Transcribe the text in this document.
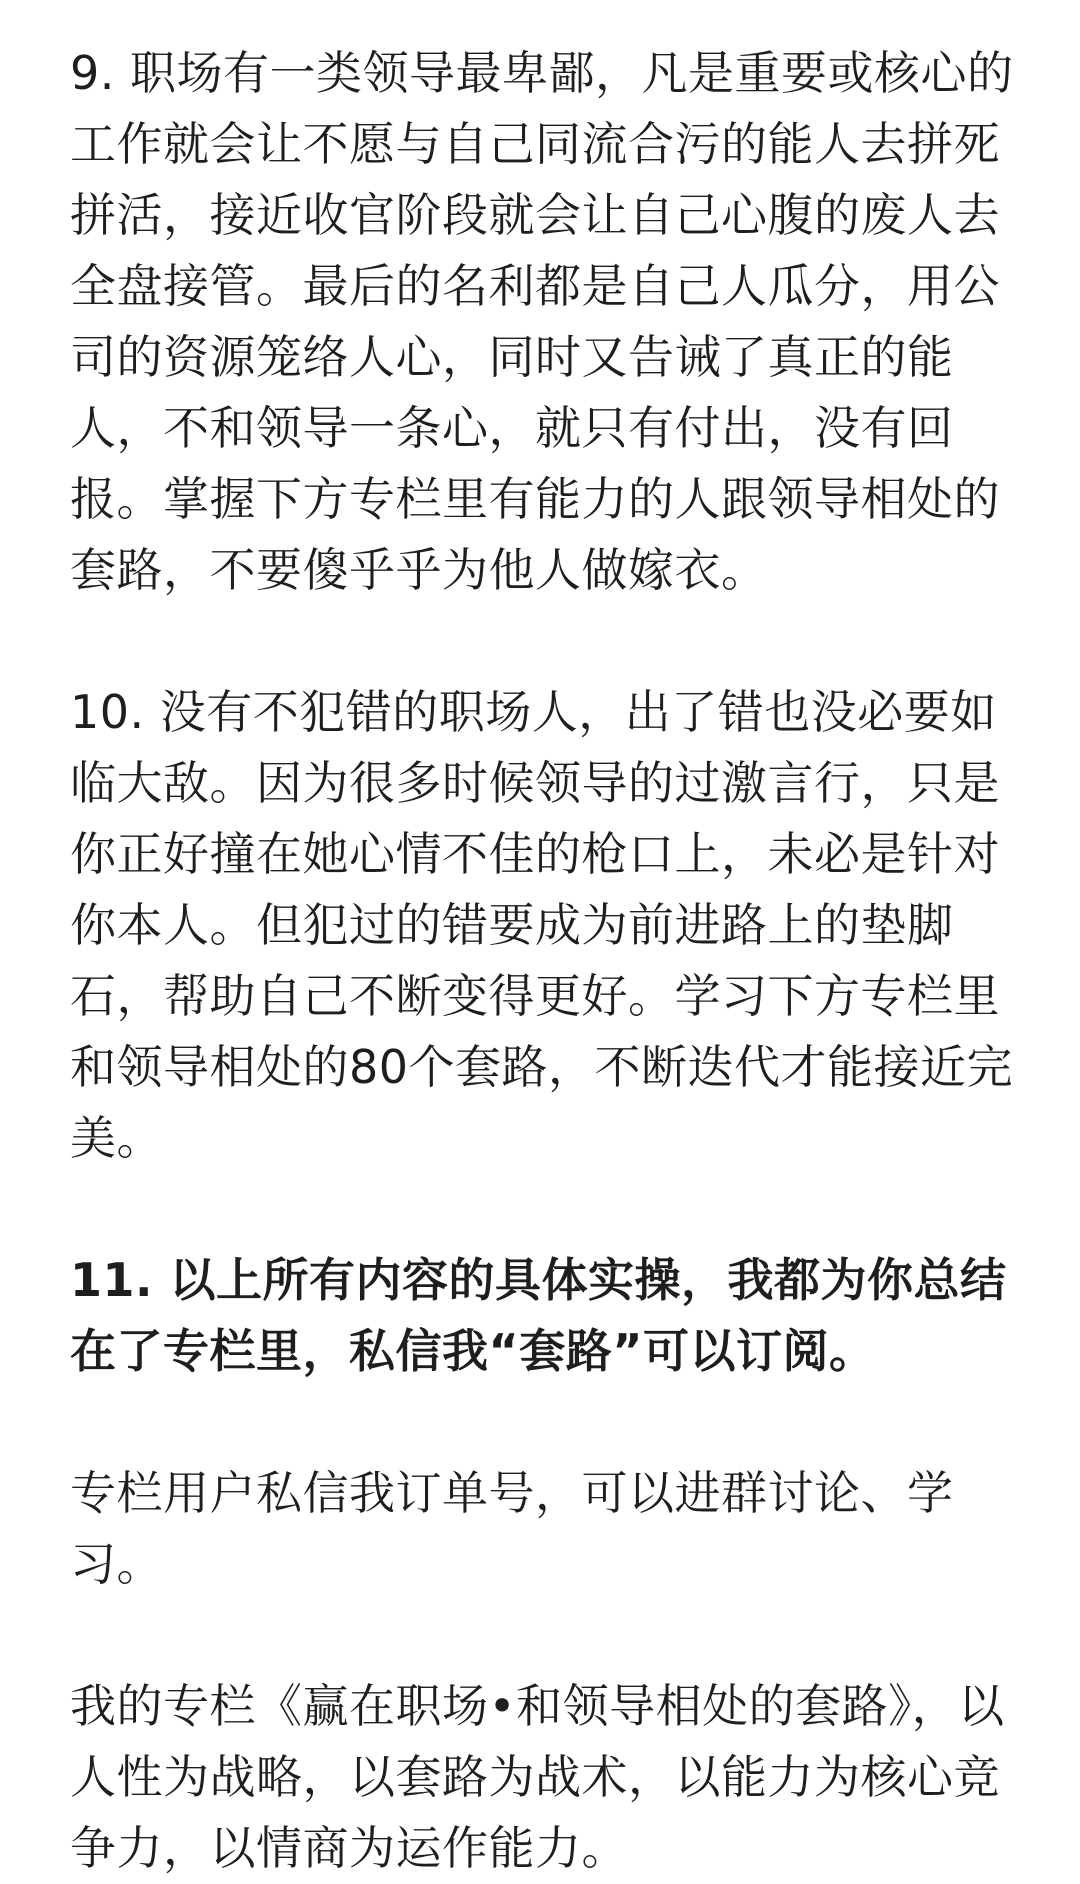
9. 职场有一类领导最卑鄙，凡是重要或核心的工作就会让不愿与自己同流合污的能人去拼死拼活，接近收官阶段就会让自己心腹的废人去全盘接管。最后的名利都是自己人瓜分，用公司的资源笼络人心，同时又告诫了真正的能人，不和领导一条心，就只有付出，没有回报。掌握下方专栏里有能力的人跟领导相处的套路，不要傻乎乎为他人做嫁衣。

10. 没有不犯错的职场人，出了错也没必要如临大敌。因为很多时候领导的过激言行，只是你正好撞在她心情不佳的枪口上，未必是针对你本人。但犯过的错要成为前进路上的垫脚石，帮助自己不断变得更好。学习下方专栏里和领导相处的80个套路，不断迭代才能接近完美。

11. 以上所有内容的具体实操，我都为你总结在了专栏里，私信我“套路”可以订阅。

专栏用户私信我订单号，可以进群讨论、学习。

我的专栏《赢在职场•和领导相处的套路》，以人性为战略，以套路为战术，以能力为核心竞争力，以情商为运作能力。
